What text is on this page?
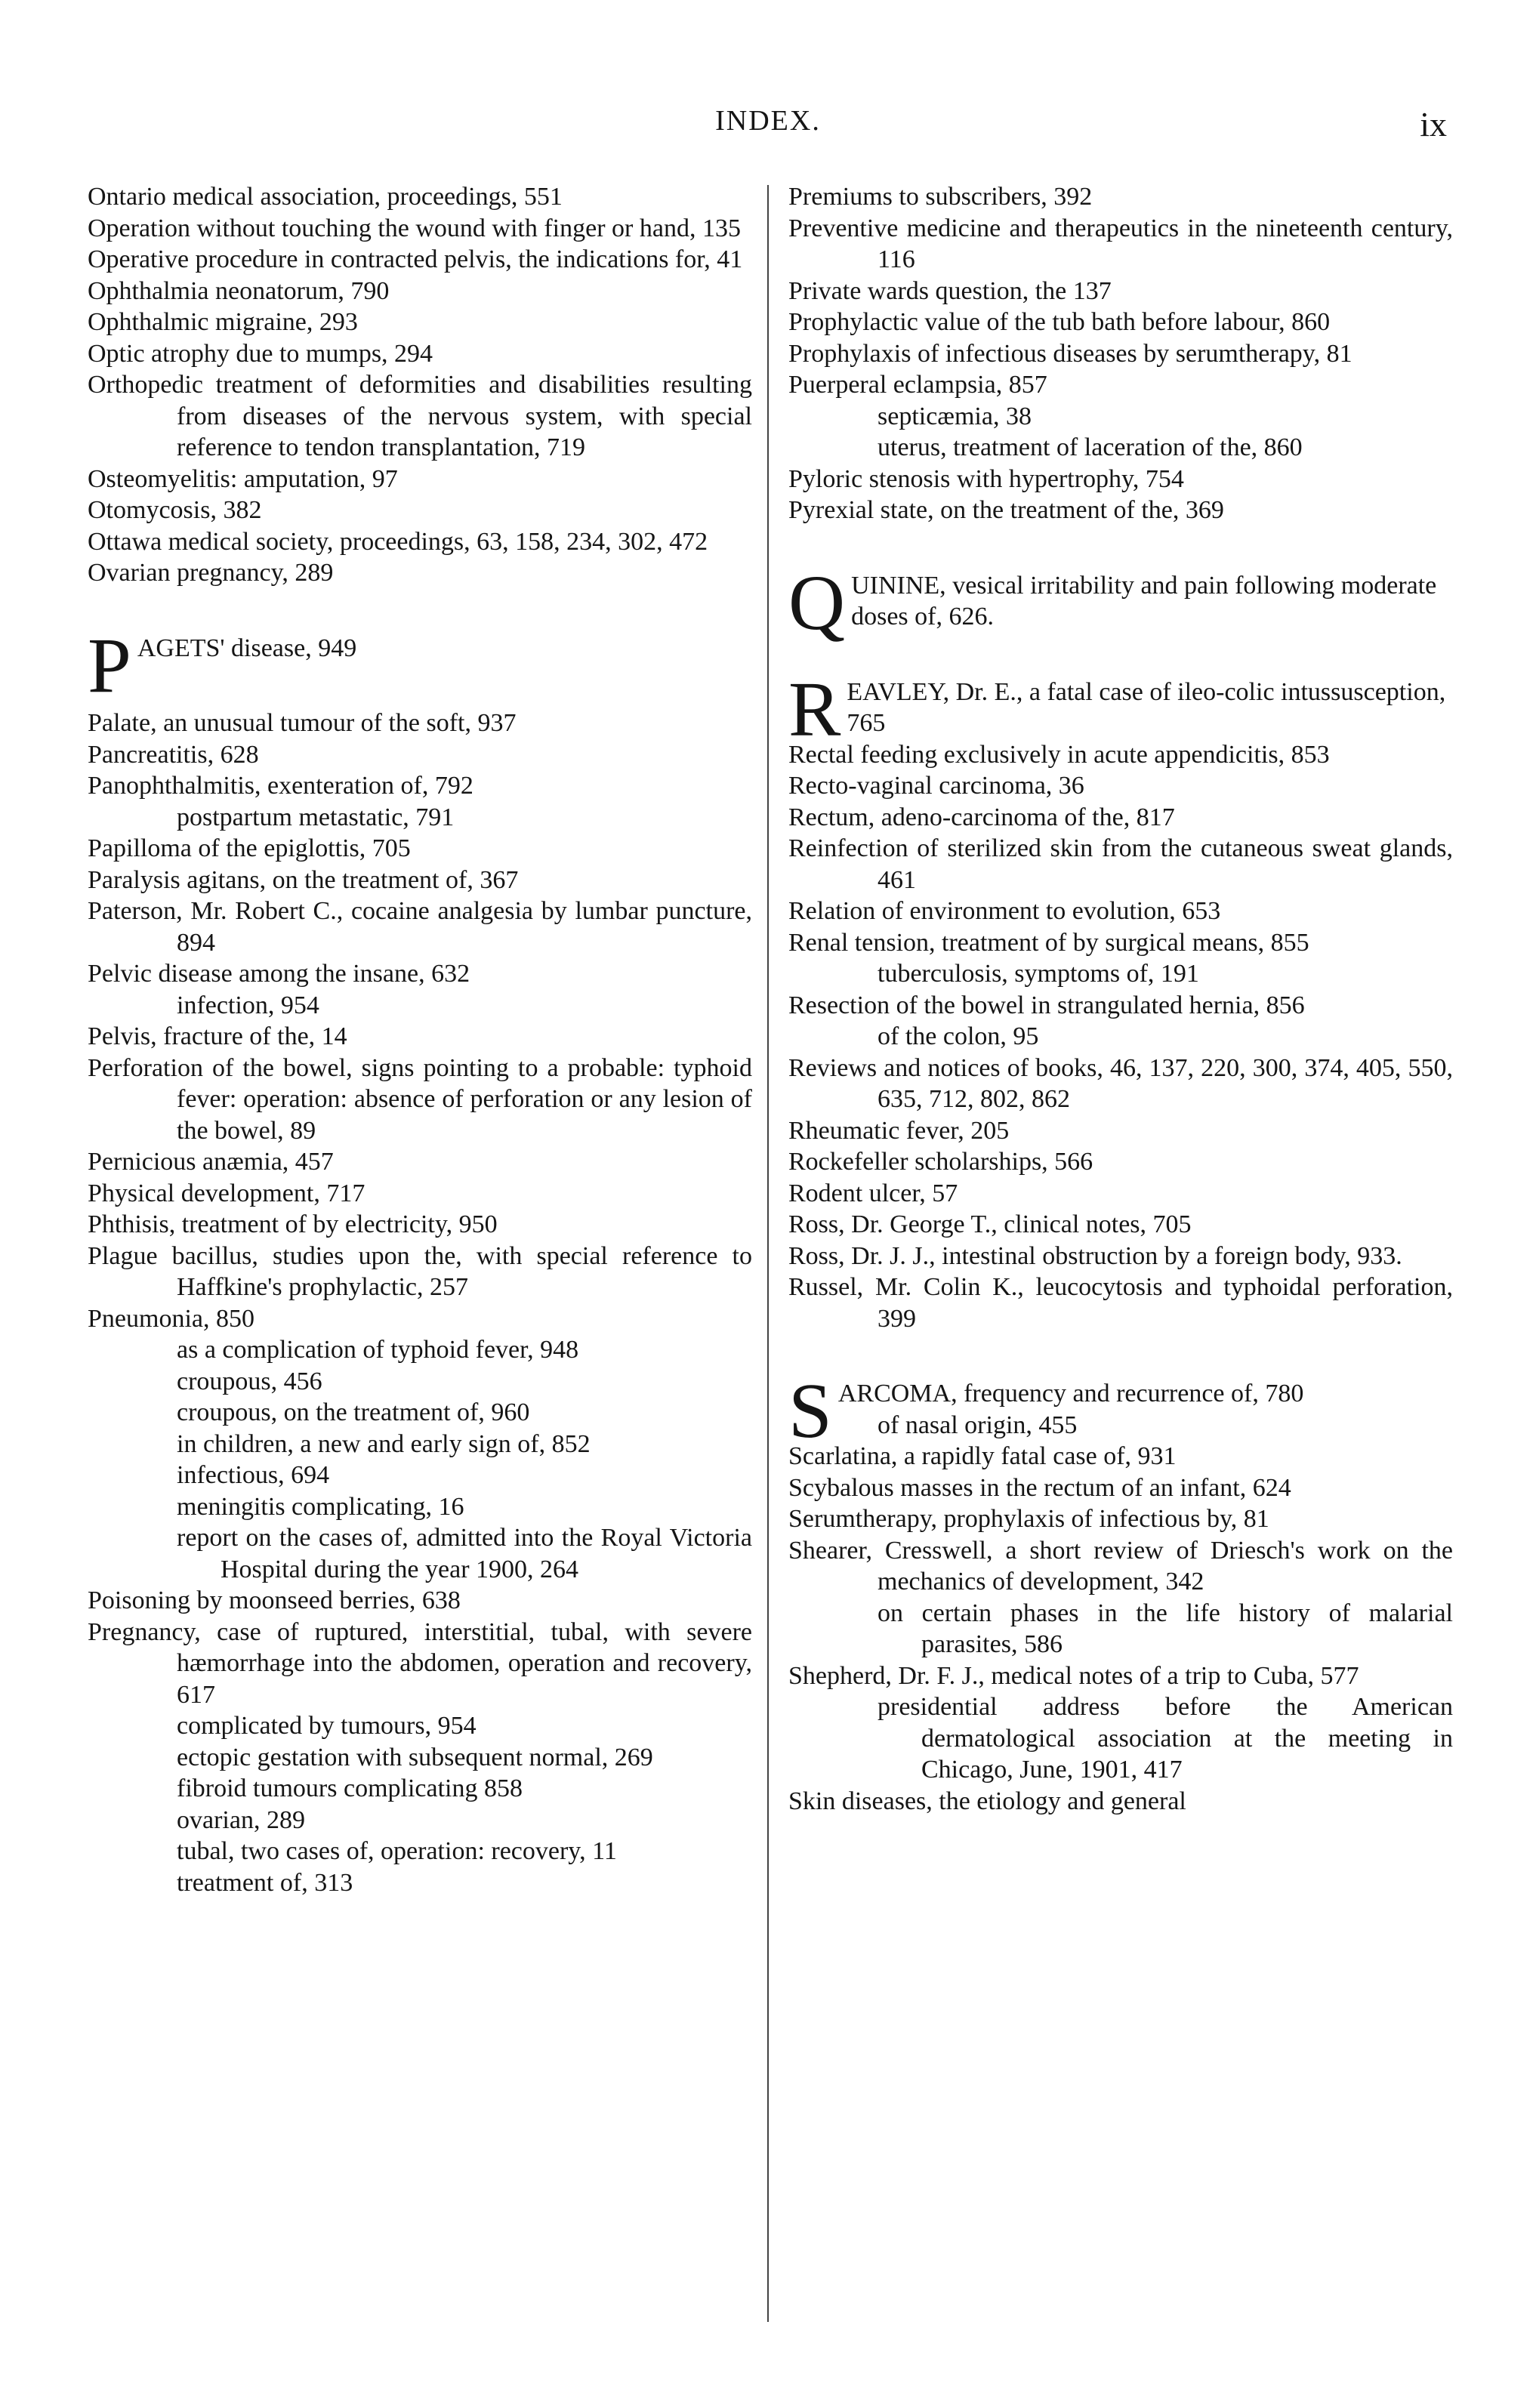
INDEX.	ix

Ontario medical association, proceedings, 551

Operation without touching the wound with finger or hand, 135

Operative procedure in contracted pelvis, the indications for, 41

Ophthalmia neonatorum, 790

Ophthalmic migraine, 293

Optic atrophy due to mumps, 294

Orthopedic treatment of deformities and disabilities resulting from diseases of the nervous system, with special reference to tendon transplantation, 719

Osteomyelitis: amputation, 97

Otomycosis, 382

Ottawa medical society, proceedings, 63, 158, 234, 302, 472

Ovarian pregnancy, 289

PAGETS' disease, 949

Palate, an unusual tumour of the soft, 937

Pancreatitis, 628

Panophthalmitis, exenteration of, 792

postpartum metastatic, 791

Papilloma of the epiglottis, 705

Paralysis agitans, on the treatment of, 367

Paterson, Mr. Robert C., cocaine analgesia by lumbar puncture, 894

Pelvic disease among the insane, 632

infection, 954

Pelvis, fracture of the, 14

Perforation of the bowel, signs pointing to a probable: typhoid fever: operation: absence of perforation or any lesion of the bowel, 89

Pernicious anæmia, 457

Physical development, 717

Phthisis, treatment of by electricity, 950

Plague bacillus, studies upon the, with special reference to Haffkine's prophylactic, 257

Pneumonia, 850

as a complication of typhoid fever, 948

croupous, 456

croupous, on the treatment of, 960

in children, a new and early sign of, 852

infectious, 694

meningitis complicating, 16

report on the cases of, admitted into the Royal Victoria Hospital during the year 1900, 264

Poisoning by moonseed berries, 638

Pregnancy, case of ruptured, interstitial, tubal, with severe hæmorrhage into the abdomen, operation and recovery, 617

complicated by tumours, 954

ectopic gestation with subsequent normal, 269

fibroid tumours complicating 858

ovarian, 289

tubal, two cases of, operation: recovery, 11

treatment of, 313

Premiums to subscribers, 392

Preventive medicine and therapeutics in the nineteenth century, 116

Private wards question, the 137

Prophylactic value of the tub bath before labour, 860

Prophylaxis of infectious diseases by serumtherapy, 81

Puerperal eclampsia, 857

septicæmia, 38

uterus, treatment of laceration of the, 860

Pyloric stenosis with hypertrophy, 754

Pyrexial state, on the treatment of the, 369

QUININE, vesical irritability and pain following moderate doses of, 626.

REAVLEY, Dr. E., a fatal case of ileo-colic intussusception, 765

Rectal feeding exclusively in acute appendicitis, 853

Recto-vaginal carcinoma, 36

Rectum, adeno-carcinoma of the, 817

Reinfection of sterilized skin from the cutaneous sweat glands, 461

Relation of environment to evolution, 653

Renal tension, treatment of by surgical means, 855

tuberculosis, symptoms of, 191

Resection of the bowel in strangulated hernia, 856

of the colon, 95

Reviews and notices of books, 46, 137, 220, 300, 374, 405, 550, 635, 712, 802, 862

Rheumatic fever, 205

Rockefeller scholarships, 566

Rodent ulcer, 57

Ross, Dr. George T., clinical notes, 705

Ross, Dr. J. J., intestinal obstruction by a foreign body, 933.

Russel, Mr. Colin K., leucocytosis and typhoidal perforation, 399

SARCOMA, frequency and recurrence of, 780

of nasal origin, 455

Scarlatina, a rapidly fatal case of, 931

Scybalous masses in the rectum of an infant, 624

Serumtherapy, prophylaxis of infectious by, 81

Shearer, Cresswell, a short review of Driesch's work on the mechanics of development, 342

on certain phases in the life history of malarial parasites, 586

Shepherd, Dr. F. J., medical notes of a trip to Cuba, 577

presidential address before the American dermatological association at the meeting in Chicago, June, 1901, 417

Skin diseases, the etiology and general
